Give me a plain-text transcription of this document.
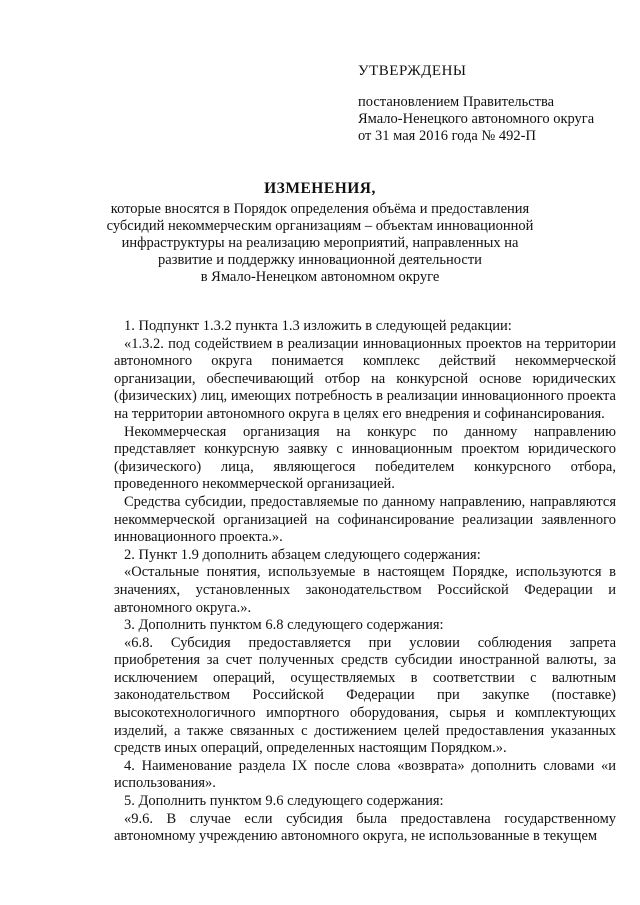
УТВЕРЖДЕНЫ
постановлением Правительства
Ямало-Ненецкого автономного округа
от 31 мая 2016 года № 492-П
ИЗМЕНЕНИЯ,
которые вносятся в Порядок определения объёма и предоставления
субсидий некоммерческим организациям – объектам инновационной
инфраструктуры на реализацию мероприятий, направленных на
развитие и поддержку инновационной деятельности
в Ямало-Ненецком автономном округе

1. Подпункт 1.3.2 пункта 1.3 изложить в следующей редакции:

«1.3.2. под содействием в реализации инновационных проектов на территории автономного округа понимается комплекс действий некоммерческой организации, обеспечивающий отбор на конкурсной основе юридических (физических) лиц, имеющих потребность в реализации инновационного проекта на территории автономного округа в целях его внедрения и софинансирования.

Некоммерческая организация на конкурс по данному направлению представляет конкурсную заявку с инновационным проектом юридического (физического) лица, являющегося победителем конкурсного отбора, проведенного некоммерческой организацией.

Средства субсидии, предоставляемые по данному направлению, направляются некоммерческой организацией на софинансирование реализации заявленного инновационного проекта.».

2. Пункт 1.9 дополнить абзацем следующего содержания:

«Остальные понятия, используемые в настоящем Порядке, используются в значениях, установленных законодательством Российской Федерации и автономного округа.».

3. Дополнить пунктом 6.8 следующего содержания:

«6.8. Субсидия предоставляется при условии соблюдения запрета приобретения за счет полученных средств субсидии иностранной валюты, за исключением операций, осуществляемых в соответствии с валютным законодательством Российской Федерации при закупке (поставке) высокотехнологичного импортного оборудования, сырья и комплектующих изделий, а также связанных с достижением целей предоставления указанных средств иных операций, определенных настоящим Порядком.».

4. Наименование раздела IX после слова «возврата» дополнить словами «и использования».

5. Дополнить пунктом 9.6 следующего содержания:

«9.6. В случае если субсидия была предоставлена государственному автономному учреждению автономного округа, не использованные в текущем
